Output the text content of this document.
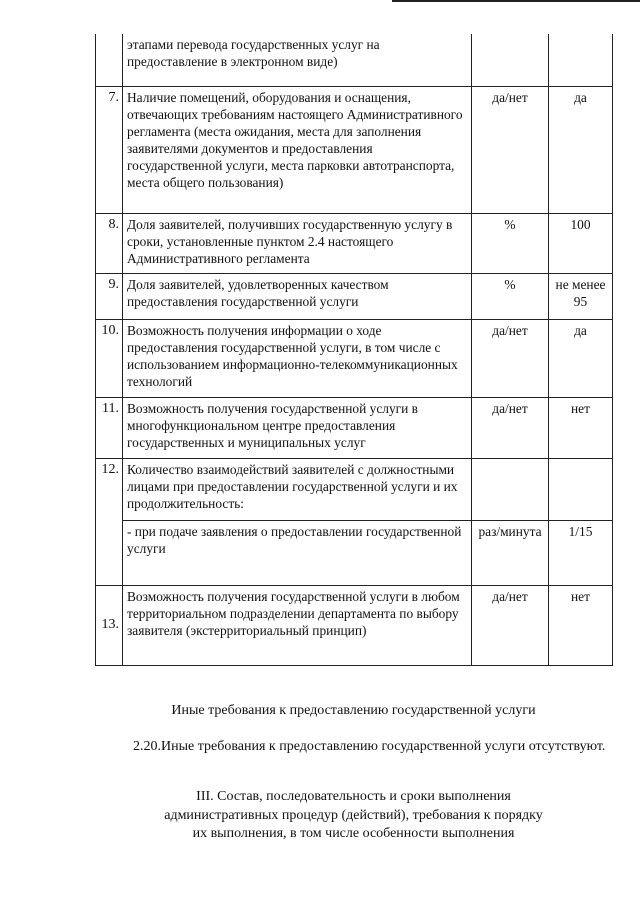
	этапами перевода государственных услуг на предоставление в электронном виде)		
7.	Наличие помещений, оборудования и оснащения, отвечающих требованиям настоящего Административного регламента (места ожидания, места для заполнения заявителями документов и предоставления государственной услуги, места парковки автотранспорта, места общего пользования)	да/нет	да
8.	Доля заявителей, получивших государственную услугу в сроки, установленные пунктом 2.4 настоящего Административного регламента	%	100
9.	Доля заявителей, удовлетворенных качеством предоставления государственной услуги	%	не менее 95
10.	Возможность получения информации о ходе предоставления государственной услуги, в том числе с использованием информационно-телекоммуникационных технологий	да/нет	да
11.	Возможность получения государственной услуги в многофункциональном центре предоставления государственных и муниципальных услуг	да/нет	нет
12.	Количество взаимодействий заявителей с должностными лицами при предоставлении государственной услуги и их продолжительность:		
	- при подаче заявления о предоставлении государственной услуги	раз/минута	1/15
13.	Возможность получения государственной услуги в любом территориальном подразделении департамента по выбору заявителя (экстерриториальный принцип)	да/нет	нет
Иные требования к предоставлению государственной услуги
2.20.Иные требования к предоставлению государственной услуги отсутствуют.
III. Состав, последовательность и сроки выполнения
административных процедур (действий), требования к порядку
их выполнения, в том числе особенности выполнения
